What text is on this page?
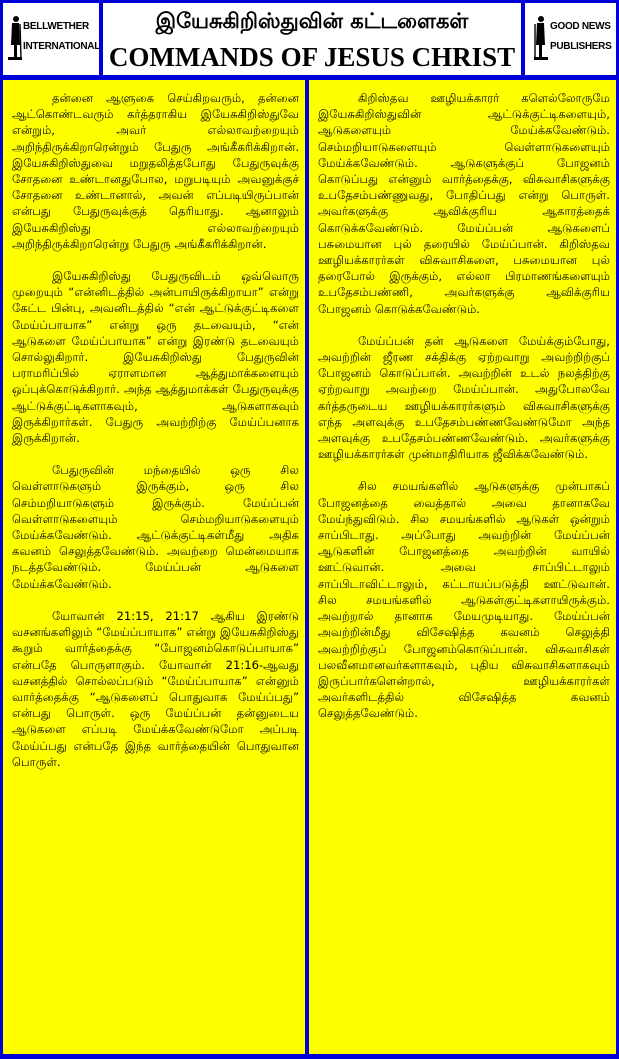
BELLWETHER
INTERNATIONAL
இயேசுகிறிஸ்துவின் கட்டளைகள்
COMMANDS OF JESUS CHRIST
GOOD NEWS
PUBLISHERS

தன்னை ஆளுகை செய்கிறவரும், தன்னை ஆட்கொண்டவரும் கர்த்தராகிய இயேசுகிறிஸ்துவே என்றும், அவர் எல்லாவற்றையும் அறிந்திருக்கிறாரென்றும் பேதுரு அங்கீகரிக்கிறான். இயேசுகிறிஸ்துவை மறுதலித்தபோது பேதுருவுக்கு சோதனை உண்டானதுபோல, மறுபடியும் அவனுக்குச் சோதனை உண்டானால், அவன் எப்படியிருப்பான் என்பது பேதுருவுக்குத் தெரியாது. ஆனாலும் இயேசுகிறிஸ்து எல்லாவற்றையும் அறிந்திருக்கிறாரென்று பேதுரு அங்கீகரிக்கிறான்.

இயேசுகிறிஸ்து பேதுருவிடம் ஒவ்வொரு முறையும் “என்னிடத்தில் அன்பாயிருக்கிறாயா” என்று கேட்ட பின்பு, அவனிடத்தில் “என் ஆட்டுக்குட்டிகளை மேய்ப்பாயாக” என்று ஒரு தடவையும், “என் ஆடுகளை மேய்ப்பாயாக” என்று இரண்டு தடவையும் சொல்லுகிறார். இயேசுகிறிஸ்து பேதுருவின் பராமரிப்பில் ஏராளமான ஆத்துமாக்களையும் ஒப்புக்கொடுக்கிறார். அந்த ஆத்துமாக்கள் பேதுருவுக்கு ஆட்டுக்குட்டிகளாகவும், ஆடுகளாகவும் இருக்கிறார்கள். பேதுரு அவற்றிற்கு மேய்ப்பனாக இருக்கிறான்.

பேதுருவின் மந்தையில் ஒரு சில வெள்ளாடுகளும் இருக்கும், ஒரு சில செம்மறியாடுகளும் இருக்கும். மேய்ப்பன் வெள்ளாடுகளையும் செம்மறியாடுகளையும் மேய்க்கவேண்டும். ஆட்டுக்குட்டிகள்மீது அதிக கவனம் செலுத்தவேண்டும். அவற்றை மென்மையாக நடத்தவேண்டும். மேய்ப்பன் ஆடுகளை மேய்க்கவேண்டும்.

யோவான் 21:15, 21:17 ஆகிய இரண்டு வசனங்களிலும் “மேய்ப்பாயாக” என்று இயேசுகிறிஸ்து கூறும் வார்த்தைக்கு “போஜனம்கொடுப்பாயாக” என்பதே பொருளாகும். யோவான் 21:16-ஆவது வசனத்தில் சொல்லப்படும் “மேய்ப்பாயாக” என்னும் வார்த்தைக்கு “ஆடுகளைப் பொதுவாக மேய்ப்பது” என்பது பொருள். ஒரு மேய்ப்பன் தன்னுடைய ஆடுகளை எப்படி மேய்க்கவேண்டுமோ அப்படி மேய்ப்பது என்பதே இந்த வார்த்தையின் பொதுவான பொருள்.

கிறிஸ்தவ ஊழியக்காரர் களெல்லோருமே இயேசுகிறிஸ்துவின் ஆட்டுக்குட்டிகளையும், ஆடுகளையும் மேய்க்கவேண்டும். செம்மறியாடுகளையும் வெள்ளாடுகளையும் மேய்க்கவேண்டும். ஆடுகளுக்குப் போஜனம் கொடுப்பது என்னும் வார்த்தைக்கு, விசுவாசிகளுக்கு உபதேசம்பண்ணுவது, போதிப்பது என்று பொருள். அவர்களுக்கு ஆவிக்குரிய ஆகாரத்தைக் கொடுக்கவேண்டும். மேய்ப்பன் ஆடுகளைப் பசுமையான புல் தரையில் மேய்ப்பான். கிறிஸ்தவ ஊழியக்காரர்கள் விசுவாசிகளை, பசுமையான புல் தரைபோல் இருக்கும், எல்லா பிரமாணங்களையும் உபதேசம்பண்ணி, அவர்களுக்கு ஆவிக்குரிய போஜனம் கொடுக்கவேண்டும்.

மேய்ப்பன் தன் ஆடுகளை மேய்க்கும்போது, அவற்றின் ஜீரண சக்திக்கு ஏற்றவாறு அவற்றிற்குப் போஜனம் கொடுப்பான். அவற்றின் உடல் நலத்திற்கு ஏற்றவாறு அவற்றை மேய்ப்பான். அதுபோலவே கர்த்தருடைய ஊழியக்காரர்களும் விசுவாசிகளுக்கு எந்த அளவுக்கு உபதேசம்பண்ணவேண்டுமோ அந்த அளவுக்கு உபதேசம்பண்ணவேண்டும். அவர்களுக்கு ஊழியக்காரர்கள் முன்மாதிரியாக ஜீவிக்கவேண்டும்.

சில சமயங்களில் ஆடுகளுக்கு முன்பாகப் போஜனத்தை வைத்தால் அவை தானாகவே மேய்ந்துவிடும். சில சமயங்களில் ஆடுகள் ஒன்றும் சாப்பிடாது. அப்போது அவற்றின் மேய்ப்பன் ஆடுகளின் போஜனத்தை அவற்றின் வாயில் ஊட்டுவான். அவை சாப்பிட்டாலும் சாப்பிடாவிட்டாலும், கட்டாயப்படுத்தி ஊட்டுவான். சில சமயங்களில் ஆடுகள்குட்டிகளாயிருக்கும். அவற்றால் தானாக மேயமுடியாது. மேய்ப்பன் அவற்றின்மீது விசேஷித்த கவனம் செலுத்தி அவற்றிற்குப் போஜனம்கொடுப்பான். விசுவாசிகள் பலவீனமானவர்களாகவும், புதிய விசுவாசிகளாகவும் இருப்பார்களென்றால், ஊழியக்காரர்கள் அவர்களிடத்தில் விசேஷித்த கவனம் செலுத்தவேண்டும்.
